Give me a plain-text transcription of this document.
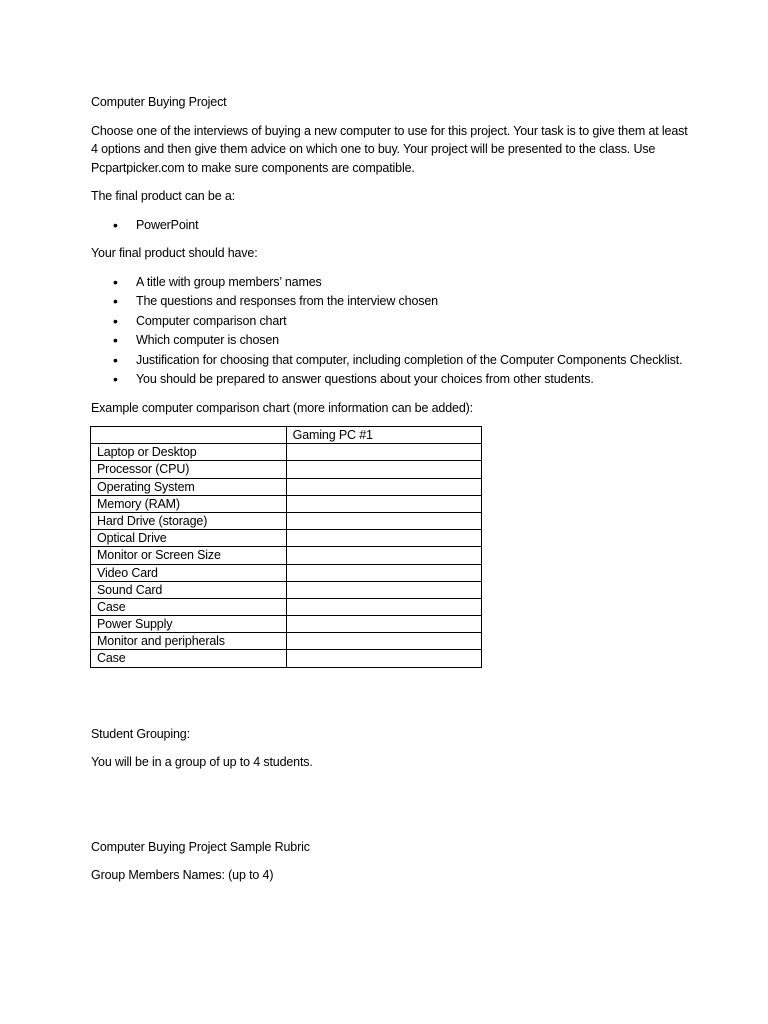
Computer Buying Project

Choose one of the interviews of buying a new computer to use for this project. Your task is to give them at least 4 options and then give them advice on which one to buy. Your project will be presented to the class. Use Pcpartpicker.com to make sure components are compatible.

The final product can be a:

• PowerPoint

Your final product should have:

• A title with group members’ names
• The questions and responses from the interview chosen
• Computer comparison chart
• Which computer is chosen
• Justification for choosing that computer, including completion of the Computer Components Checklist.
• You should be prepared to answer questions about your choices from other students.

Example computer comparison chart (more information can be added):

	Gaming PC #1
Laptop or Desktop	
Processor (CPU)	
Operating System	
Memory (RAM)	
Hard Drive (storage)	
Optical Drive	
Monitor or Screen Size	
Video Card	
Sound Card	
Case	
Power Supply	
Monitor and peripherals	
Case	

Student Grouping:

You will be in a group of up to 4 students.

Computer Buying Project Sample Rubric

Group Members Names: (up to 4)
